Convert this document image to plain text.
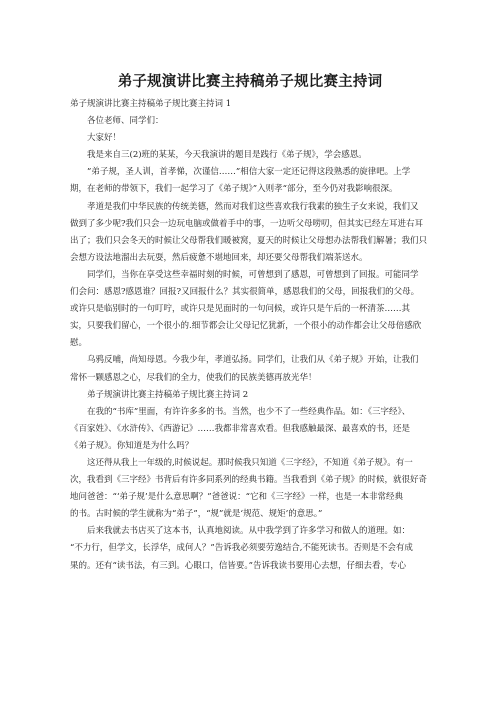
弟子规演讲比赛主持稿弟子规比赛主持词
弟子规演讲比赛主持稿弟子规比赛主持词 1
各位老师、同学们：
大家好！
我是来自三(2)班的某某，今天我演讲的题目是践行《弟子规》，学会感恩。
”弟子规，圣人训，首孝悌，次谨信……”相信大家一定还记得这段熟悉的旋律吧。上学
期，在老师的带领下，我们一起学习了《弟子规》”入则孝“部分，至今仍对我影响很深。
孝道是我们中华民族的传统美德，然而对我们这些喜欢我行我素的独生子女来说，我们又
做到了多少呢?我们只会一边玩电脑或做着手中的事，一边听父母唠叨，但其实已经左耳进右耳
出了；我们只会冬天的时候让父母帮我们暖被窝，夏天的时候让父母想办法帮我们解暑；我们只
会想方设法地溜出去玩耍，然后疲惫不堪地回来，却还要父母帮我们端茶送水。
同学们，当你在享受这些幸福时刻的时候，可曾想到了感恩，可曾想到了回报。可能同学
们会问：感恩?感恩谁？回报?又回报什么？其实很简单，感恩我们的父母，回报我们的父母。
或许只是临别时的一句叮咛，或许只是见面时的一句问候，或许只是午后的一杯清茶……其
实，只要我们留心，一个很小的.细节都会让父母记忆犹新，一个很小的动作都会让父母倍感欣
慰。
乌鸦反哺，尚知母恩。今我少年，孝道弘扬。同学们，让我们从《弟子规》开始，让我们
常怀一颗感恩之心，尽我们的全力，使我们的民族美德再放光华！
弟子规演讲比赛主持稿弟子规比赛主持词 2
在我的“书库”里面，有许许多多的书。当然，也少不了一些经典作品。如：《三字经》、
《百家姓》、《水浒传》、《西游记》……我都非常喜欢看。但我感触最深、最喜欢的书，还是
《弟子规》。你知道是为什么吗？
这还得从我上一年级的,时候说起。那时候我只知道《三字经》，不知道《弟子规》。有一
次，我看到《三字经》书背后有许多同系列的经典书籍。当我看到《弟子规》的时候，就很好奇
地问爸爸：“‘弟子规’是什么意思啊？”爸爸说：“它和《三字经》一样，也是一本非常经典
的书。古时候的学生就称为“弟子”，“规”就是‘规范、规矩’的意思。”
后来我就去书店买了这本书，认真地阅读。从中我学到了许多学习和做人的道理。如：
“不力行，但学文，长浮华，成何人？”告诉我必须要劳逸结合,不能死读书。否则是不会有成
果的。还有“读书法，有三到。心眼口，信皆要。”告诉我读书要用心去想，仔细去看，专心
